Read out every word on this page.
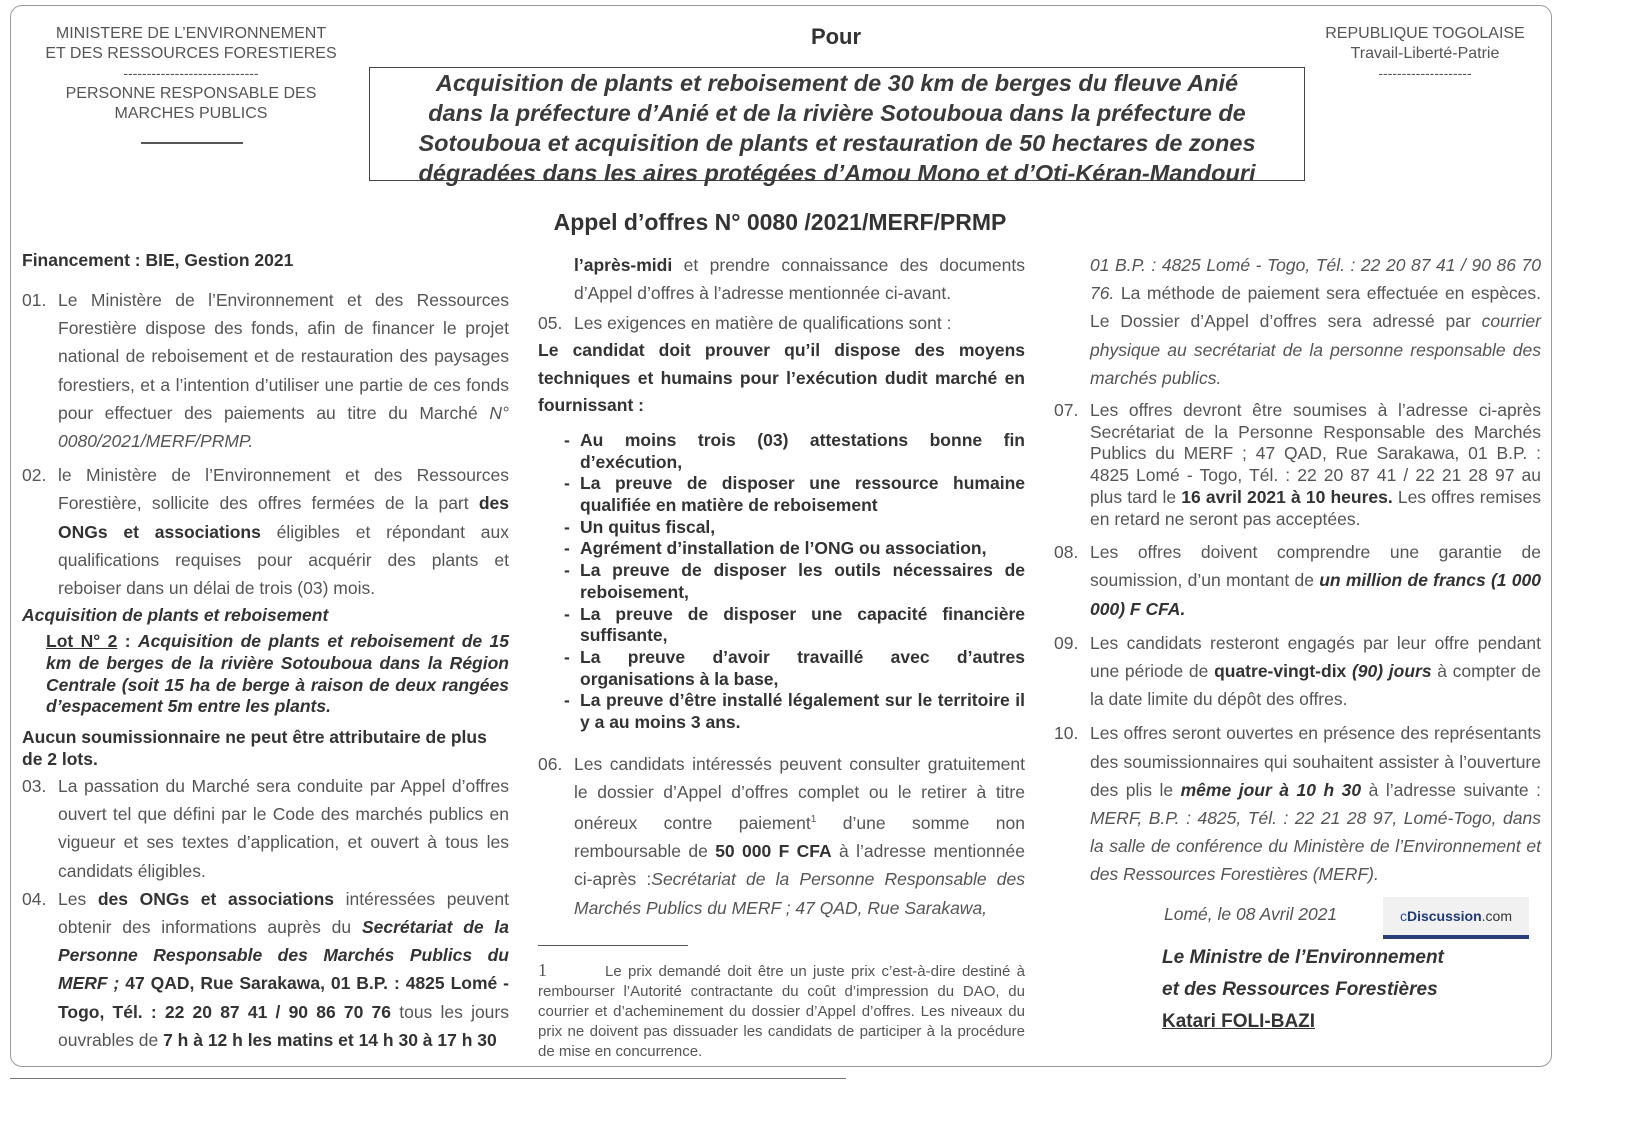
MINISTERE DE L’ENVIRONNEMENT
ET DES RESSOURCES FORESTIERES
-----------------------------
PERSONNE RESPONSABLE DES
MARCHES PUBLICS
Pour	REPUBLIQUE TOGOLAISE
Travail-Liberté-Patrie
--------------------
Acquisition de plants et reboisement de 30 km de berges du fleuve Anié
dans la préfecture d’Anié et de la rivière Sotouboua dans la préfecture de
Sotouboua et acquisition de plants et restauration de 50 hectares de zones
dégradées dans les aires protégées d’Amou Mono et d’Oti-Kéran-Mandouri
Appel d’offres N° 0080 /2021/MERF/PRMP
Financement : BIE, Gestion 2021
01. Le Ministère de l’Environnement et des Ressources Forestière dispose des fonds, afin de financer le projet national de reboisement et de restauration des paysages forestiers, et a l’intention d’utiliser une partie de ces fonds pour effectuer des paiements au titre du Marché N° 0080/2021/MERF/PRMP.
02. le Ministère de l’Environnement et des Ressources Forestière, sollicite des offres fermées de la part des ONGs et associations éligibles et répondant aux qualifications requises pour acquérir des plants et reboiser dans un délai de trois (03) mois.
Acquisition de plants et reboisement
Lot N° 2 : Acquisition de plants et reboisement de 15 km de berges de la rivière Sotouboua dans la Région Centrale (soit 15 ha de berge à raison de deux rangées d’espacement 5m entre les plants.
Aucun soumissionnaire ne peut être attributaire de plus de 2 lots.
03. La passation du Marché sera conduite par Appel d’offres ouvert tel que défini par le Code des marchés publics en vigueur et ses textes d’application, et ouvert à tous les candidats éligibles.
04. Les des ONGs et associations intéressées peuvent obtenir des informations auprès du Secrétariat de la Personne Responsable des Marchés Publics du MERF ; 47 QAD, Rue Sarakawa, 01 B.P. : 4825 Lomé - Togo, Tél. : 22 20 87 41 / 90 86 70 76 tous les jours ouvrables de 7 h à 12 h les matins et 14 h 30 à 17 h 30
l’après-midi et prendre connaissance des documents d’Appel d’offres à l’adresse mentionnée ci-avant.
05. Les exigences en matière de qualifications sont :
Le candidat doit prouver qu’il dispose des moyens techniques et humains pour l’exécution dudit marché en fournissant :
- Au moins trois (03) attestations bonne fin d’exécution,
- La preuve de disposer une ressource humaine qualifiée en matière de reboisement
- Un quitus fiscal,
- Agrément d’installation de l’ONG ou association,
- La preuve de disposer les outils nécessaires de reboisement,
- La preuve de disposer une capacité financière suffisante,
- La preuve d’avoir travaillé avec d’autres organisations à la base,
- La preuve d’être installé légalement sur le territoire il y a au moins 3 ans.
06. Les candidats intéressés peuvent consulter gratuitement le dossier d’Appel d’offres complet ou le retirer à titre onéreux contre paiement$^1$ d’une somme non remboursable de 50 000 F CFA à l’adresse mentionnée ci-après :Secrétariat de la Personne Responsable des Marchés Publics du MERF ; 47 QAD, Rue Sarakawa,
1	Le prix demandé doit être un juste prix c’est-à-dire destiné à rembourser l’Autorité contractante du coût d’impression du DAO, du courrier et d’acheminement du dossier d’Appel d’offres. Les niveaux du prix ne doivent pas dissuader les candidats de participer à la procédure de mise en concurrence.
01 B.P. : 4825 Lomé - Togo, Tél. : 22 20 87 41 / 90 86 70 76. La méthode de paiement sera effectuée en espèces. Le Dossier d’Appel d’offres sera adressé par courrier physique au secrétariat de la personne responsable des marchés publics.
07. Les offres devront être soumises à l’adresse ci-après Secrétariat de la Personne Responsable des Marchés Publics du MERF ; 47 QAD, Rue Sarakawa, 01 B.P. : 4825 Lomé - Togo, Tél. : 22 20 87 41 / 22 21 28 97 au plus tard le 16 avril 2021 à 10 heures. Les offres remises en retard ne seront pas acceptées.
08. Les offres doivent comprendre une garantie de soumission, d’un montant de un million de francs (1 000 000) F CFA.
09. Les candidats resteront engagés par leur offre pendant une période de quatre-vingt-dix (90) jours à compter de la date limite du dépôt des offres.
10. Les offres seront ouvertes en présence des représentants des soumissionnaires qui souhaitent assister à l’ouverture des plis le même jour à 10 h 30 à l’adresse suivante : MERF, B.P. : 4825, Tél. : 22 21 28 97, Lomé-Togo, dans la salle de conférence du Ministère de l’Environnement et des Ressources Forestières (MERF).
Lomé, le 08 Avril 2021	cDiscussion.com
Le Ministre de l’Environnement
et des Ressources Forestières
Katari FOLI-BAZI
